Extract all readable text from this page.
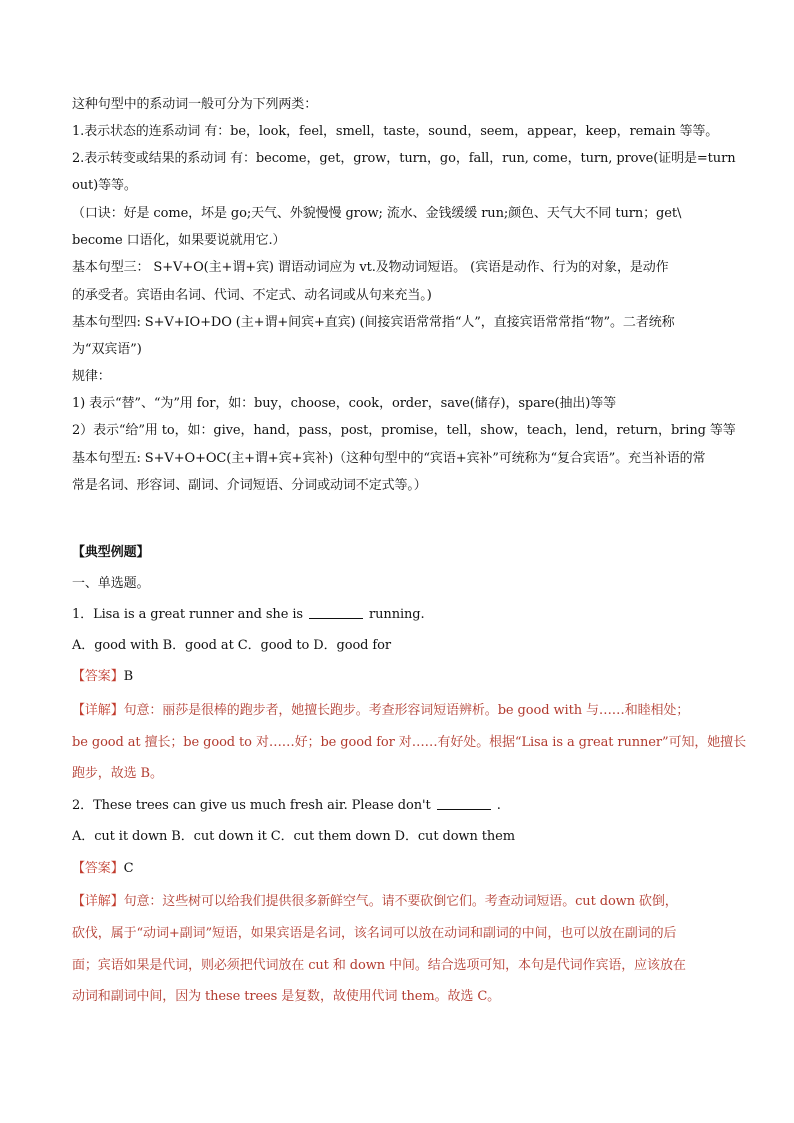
这种句型中的系动词一般可分为下列两类：
1.表示状态的连系动词 有：be，look，feel，smell，taste，sound，seem，appear，keep，remain 等等。
2.表示转变或结果的系动词 有：become，get，grow，turn，go，fall，run, come，turn, prove(证明是=turn
out)等等。
（口诀：好是 come，坏是 go;天气、外貌慢慢 grow; 流水、金钱缓缓 run;颜色、天气大不同 turn；get\
become 口语化，如果要说就用它.）
基本句型三： S+V+O(主+谓+宾) 谓语动词应为 vt.及物动词短语。 (宾语是动作、行为的对象，是动作
的承受者。宾语由名词、代词、不定式、动名词或从句来充当。)
基本句型四: S+V+IO+DO (主+谓+间宾+直宾) (间接宾语常常指“人”，直接宾语常常指“物”。二者统称
为“双宾语”)
规律：
1) 表示“替”、“为”用 for，如：buy，choose，cook，order，save(储存)，spare(抽出)等等
2）表示“给”用 to，如：give，hand，pass，post，promise，tell，show，teach，lend，return，bring 等等
基本句型五: S+V+O+OC(主+谓+宾+宾补)（这种句型中的“宾语+宾补”可统称为“复合宾语”。充当补语的常
常是名词、形容词、副词、介词短语、分词或动词不定式等。）
【典型例题】
一、单选题。
1．Lisa is a great runner and she is	running.
A．good with B．good at C．good to D．good for
【答案】B
【详解】句意：丽莎是很棒的跑步者，她擅长跑步。考查形容词短语辨析。be good with 与……和睦相处；
be good at 擅长；be good to 对……好；be good for 对……有好处。根据“Lisa is a great runner”可知，她擅长
跑步，故选 B。
2．These trees can give us much fresh air. Please don't	.
A．cut it down B．cut down it C．cut them down D．cut down them
【答案】C
【详解】句意：这些树可以给我们提供很多新鲜空气。请不要砍倒它们。考查动词短语。cut down 砍倒，
砍伐，属于“动词+副词”短语，如果宾语是名词，该名词可以放在动词和副词的中间，也可以放在副词的后
面；宾语如果是代词，则必须把代词放在 cut 和 down 中间。结合选项可知，本句是代词作宾语，应该放在
动词和副词中间，因为 these trees 是复数，故使用代词 them。故选 C。
